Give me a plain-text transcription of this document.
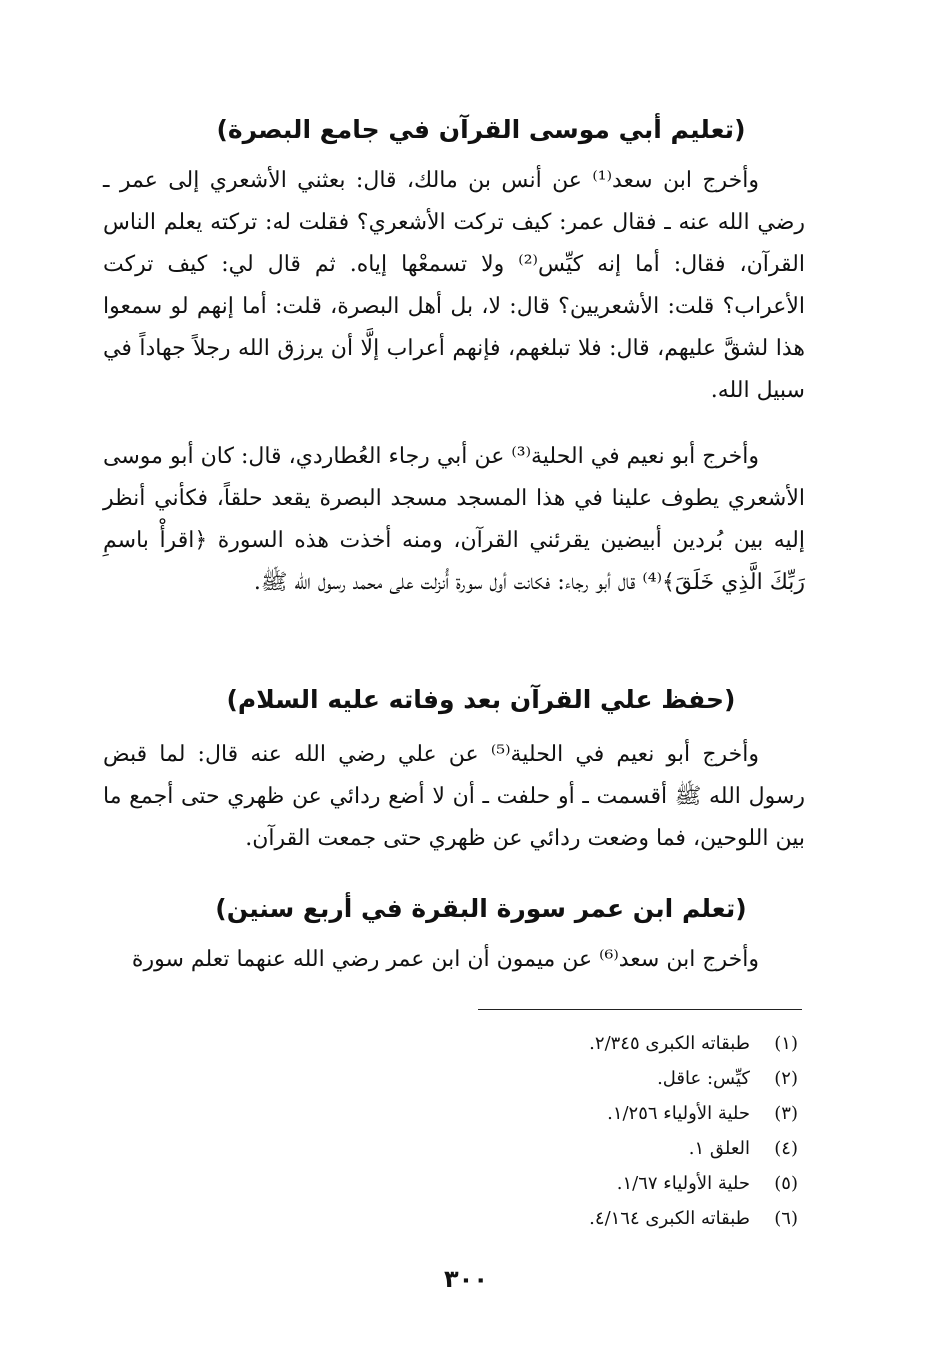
(تعليم أبي موسى القرآن في جامع البصرة)

وأخرج ابن سعد⁽¹⁾ عن أنس بن مالك، قال: بعثني الأشعري إلى عمر ـ رضي الله عنه ـ فقال عمر: كيف تركت الأشعري؟ فقلت له: تركته يعلم الناس القرآن، فقال: أما إنه كيِّس⁽²⁾ ولا تسمعْها إياه. ثم قال لي: كيف تركت الأعراب؟ قلت: الأشعريين؟ قال: لا، بل أهل البصرة، قلت: أما إنهم لو سمعوا هذا لشقَّ عليهم، قال: فلا تبلغهم، فإنهم أعراب إلَّا أن يرزق الله رجلاً جهاداً في سبيل الله.

وأخرج أبو نعيم في الحلية⁽³⁾ عن أبي رجاء العُطاردي، قال: كان أبو موسى الأشعري يطوف علينا في هذا المسجد مسجد البصرة يقعد حلقاً، فكأني أنظر إليه بين بُردين أبيضين يقرئني القرآن، ومنه أخذت هذه السورة ﴿اقرأْ باسمِ رَبِّكَ الَّذِي خَلَقَ﴾⁽⁴⁾ قال أبو رجاء: فكانت أول سورة أُنزلت على محمد رسول الله ﷺ.

(حفظ علي القرآن بعد وفاته عليه السلام)

وأخرج أبو نعيم في الحلية⁽⁵⁾ عن علي رضي الله عنه قال: لما قبض رسول الله ﷺ أقسمت ـ أو حلفت ـ أن لا أضع ردائي عن ظهري حتى أجمع ما بين اللوحين، فما وضعت ردائي عن ظهري حتى جمعت القرآن.

(تعلم ابن عمر سورة البقرة في أربع سنين)

وأخرج ابن سعد⁽⁶⁾ عن ميمون أن ابن عمر رضي الله عنهما تعلم سورة

(١)
طبقاته الكبرى ٢/٣٤٥.
(٢)
كيِّس: عاقل.
(٣)
حلية الأولياء ١/٢٥٦.
(٤)
العلق ١.
(٥)
حلية الأولياء ١/٦٧.
(٦)
طبقاته الكبرى ٤/١٦٤.
٣٠٠
